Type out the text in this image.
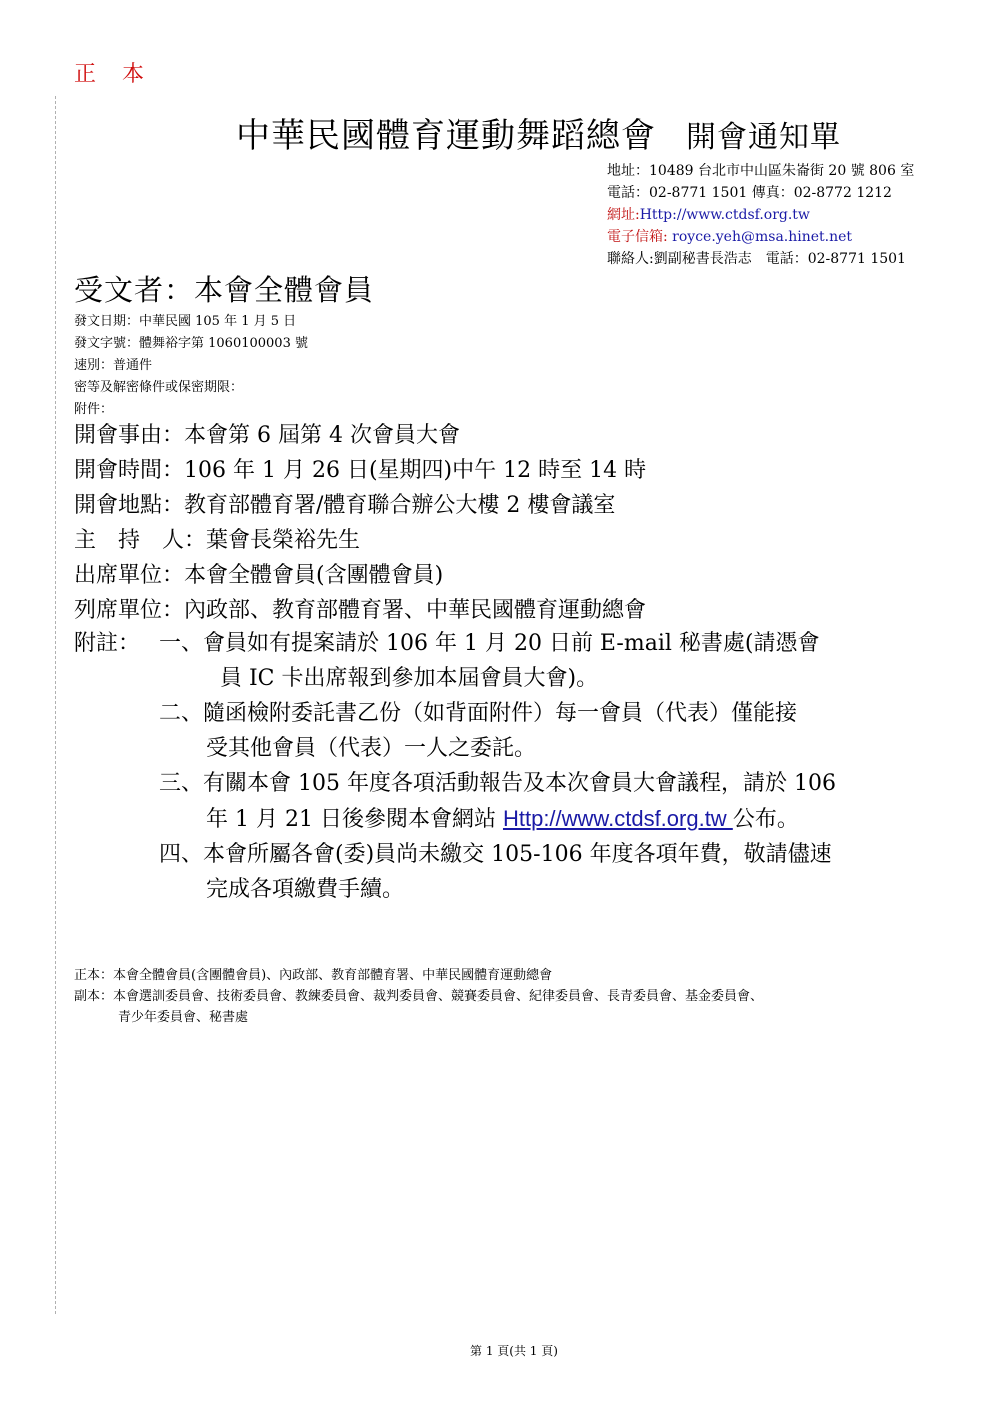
正　本
中華民國體育運動舞蹈總會 開會通知單
地址：10489 台北市中山區朱崙街 20 號 806 室
電話：02-8771 1501 傳真：02-8772 1212
網址:Http://www.ctdsf.org.tw
電子信箱: royce.yeh@msa.hinet.net
聯絡人:劉副秘書長浩志　電話：02-8771 1501
受文者：本會全體會員
發文日期：中華民國 105 年 1 月 5 日
發文字號：體舞裕字第 1060100003 號
速別：普通件
密等及解密條件或保密期限：
附件：
開會事由：本會第 6 屆第 4 次會員大會
開會時間：106 年 1 月 26 日(星期四)中午 12 時至 14 時
開會地點：教育部體育署/體育聯合辦公大樓 2 樓會議室
主　持　人：葉會長榮裕先生
出席單位：本會全體會員(含團體會員)
列席單位：內政部、教育部體育署、中華民國體育運動總會
附註： 一、會員如有提案請於 106 年 1 月 20 日前 E-mail 秘書處(請憑會
員 IC 卡出席報到參加本屆會員大會)。
二、隨函檢附委託書乙份（如背面附件）每一會員（代表）僅能接
受其他會員（代表）一人之委託。
三、有關本會 105 年度各項活動報告及本次會員大會議程，請於 106
年 1 月 21 日後參閱本會網站 Http://www.ctdsf.org.tw 公布。
四、本會所屬各會(委)員尚未繳交 105-106 年度各項年費，敬請儘速
完成各項繳費手續。
正本：本會全體會員(含團體會員)、內政部、教育部體育署、中華民國體育運動總會
副本：本會選訓委員會、技術委員會、教練委員會、裁判委員會、競賽委員會、紀律委員會、長青委員會、基金委員會、
青少年委員會、秘書處
第 1 頁(共 1 頁)
